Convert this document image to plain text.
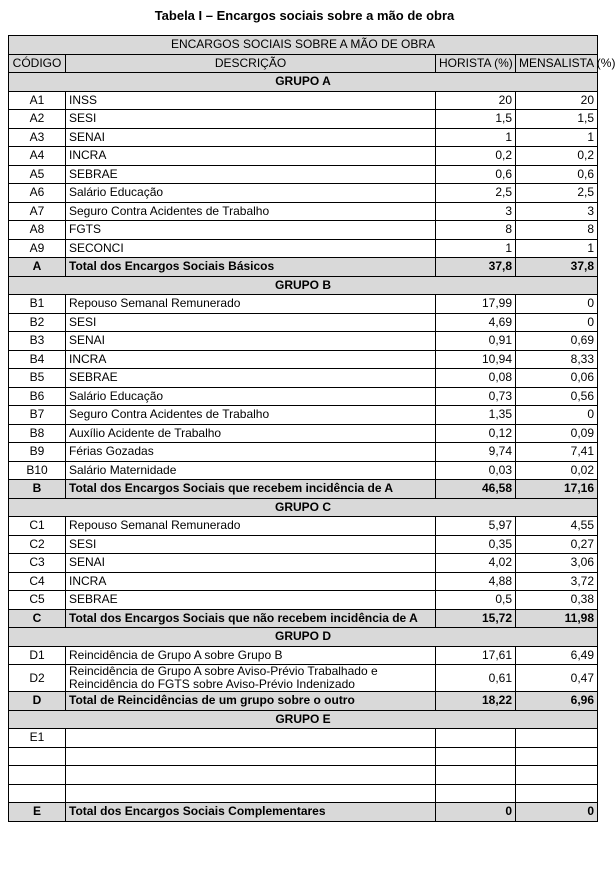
Tabela I – Encargos sociais sobre a mão de obra
ENCARGOS SOCIAIS SOBRE A MÃO DE OBRA			
CÓDIGO	DESCRIÇÃO	HORISTA (%)	MENSALISTA (%)
GRUPO A			
A1	INSS	20	20
A2	SESI	1,5	1,5
A3	SENAI	1	1
A4	INCRA	0,2	0,2
A5	SEBRAE	0,6	0,6
A6	Salário Educação	2,5	2,5
A7	Seguro Contra Acidentes de Trabalho	3	3
A8	FGTS	8	8
A9	SECONCI	1	1
A	Total dos Encargos Sociais Básicos	37,8	37,8
GRUPO B			
B1	Repouso Semanal Remunerado	17,99	0
B2	SESI	4,69	0
B3	SENAI	0,91	0,69
B4	INCRA	10,94	8,33
B5	SEBRAE	0,08	0,06
B6	Salário Educação	0,73	0,56
B7	Seguro Contra Acidentes de Trabalho	1,35	0
B8	Auxílio Acidente de Trabalho	0,12	0,09
B9	Férias Gozadas	9,74	7,41
B10	Salário Maternidade	0,03	0,02
B	Total dos Encargos Sociais que recebem incidência de A	46,58	17,16
GRUPO C			
C1	Repouso Semanal Remunerado	5,97	4,55
C2	SESI	0,35	0,27
C3	SENAI	4,02	3,06
C4	INCRA	4,88	3,72
C5	SEBRAE	0,5	0,38
C	Total dos Encargos Sociais que não recebem incidência de A	15,72	11,98
GRUPO D			
D1	Reincidência de Grupo A sobre Grupo B	17,61	6,49
D2	Reincidência de Grupo A sobre Aviso-Prévio Trabalhado e Reincidência do FGTS sobre Aviso-Prévio Indenizado	0,61	0,47
D	Total de Reincidências de um grupo sobre o outro	18,22	6,96
GRUPO E			
E1			

E	Total dos Encargos Sociais Complementares	0	0
